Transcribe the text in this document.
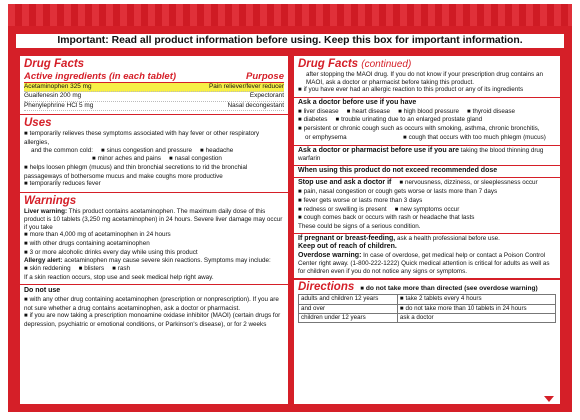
Important: Read all product information before using. Keep this box for important information.
Drug Facts
Active ingredients (in each tablet)	Purpose
Acetaminophen 325 mg	Pain reliever/fever reducer
Guaifenesin 200 mg	Expectorant
Phenylephrine HCl 5 mg	Nasal decongestant
Uses
■ temporarily relieves these symptoms associated with hay fever or other respiratory allergies,
and the common cold:	■ sinus congestion and pressure	■ headache
■ minor aches and pains	■ nasal congestion
■ helps loosen phlegm (mucus) and thin bronchial secretions to rid the bronchial passageways of bothersome mucus and make coughs more productive
■ temporarily reduces fever
Warnings
Liver warning: This product contains acetaminophen. The maximum daily dose of this product is 10 tablets (3,250 mg acetaminophen) in 24 hours. Severe liver damage may occur if you take
■ more than 4,000 mg of acetaminophen in 24 hours
■ with other drugs containing acetaminophen
■ 3 or more alcoholic drinks every day while using this product
Allergy alert: acetaminophen may cause severe skin reactions. Symptoms may include:
■ skin reddening	■ blisters	■ rash
If a skin reaction occurs, stop use and seek medical help right away.
Do not use
■ with any other drug containing acetaminophen (prescription or nonprescription). If you are not sure whether a drug contains acetaminophen, ask a doctor or pharmacist.
■ if you are now taking a prescription monoamine oxidase inhibitor (MAOI) (certain drugs for depression, psychiatric or emotional conditions, or Parkinson's disease), or for 2 weeks
Drug Facts (continued)
after stopping the MAOI drug. If you do not know if your prescription drug contains an MAOI, ask a doctor or pharmacist before taking this product.
■ if you have ever had an allergic reaction to this product or any of its ingredients
Ask a doctor before use if you have
■ liver disease	■ heart disease	■ high blood pressure	■ thyroid disease
■ diabetes	■ trouble urinating due to an enlarged prostate gland
■ persistent or chronic cough such as occurs with smoking, asthma, chronic bronchitis,
or emphysema	■ cough that occurs with too much phlegm (mucus)
Ask a doctor or pharmacist before use if you are taking the blood thinning drug warfarin
When using this product do not exceed recommended dose
Stop use and ask a doctor if	■ nervousness, dizziness, or sleeplessness occur
■ pain, nasal congestion or cough gets worse or lasts more than 7 days
■ fever gets worse or lasts more than 3 days
■ redness or swelling is present	■ new symptoms occur
■ cough comes back or occurs with rash or headache that lasts
These could be signs of a serious condition.
If pregnant or breast-feeding, ask a health professional before use.
Keep out of reach of children.
Overdose warning: In case of overdose, get medical help or contact a Poison Control Center right away. (1-800-222-1222) Quick medical attention is critical for adults as well as for children even if you do not notice any signs or symptoms.
Directions	■ do not take more than directed (see overdose warning)
adults and children 12 years	■ take 2 tablets every 4 hours
and over	■ do not take more than 10 tablets in 24 hours
children under 12 years	ask a doctor
